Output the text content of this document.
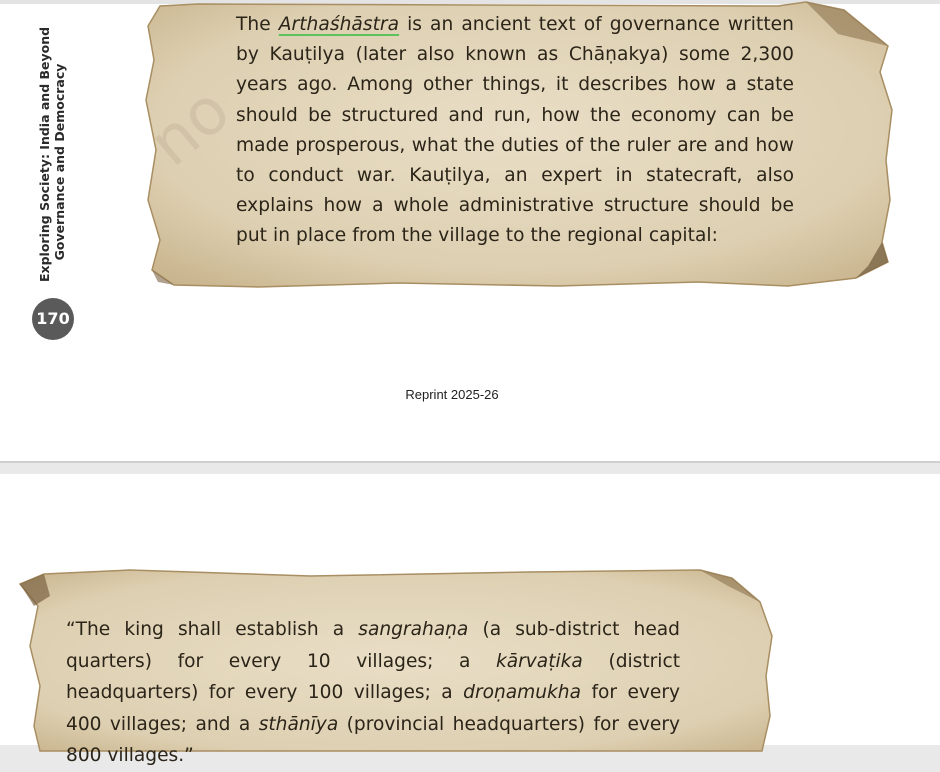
Exploring Society: India and Beyond Governance and Democracy
170
no
The Arthaśhāstra is an ancient text of governance written by Kauṭilya (later also known as Chāṇakya) some 2,300 years ago. Among other things, it describes how a state should be structured and run, how the economy can be made prosperous, what the duties of the ruler are and how to conduct war. Kauṭilya, an expert in statecraft, also explains how a whole administrative structure should be put in place from the village to the regional capital:
Reprint 2025-26
“The king shall establish a sangrahaṇa (a sub-district head quarters) for every 10 villages; a kārvaṭika (district headquarters) for every 100 villages; a droṇamukha for every 400 villages; and a sthānīya (provincial headquarters) for every 800 villages.”
